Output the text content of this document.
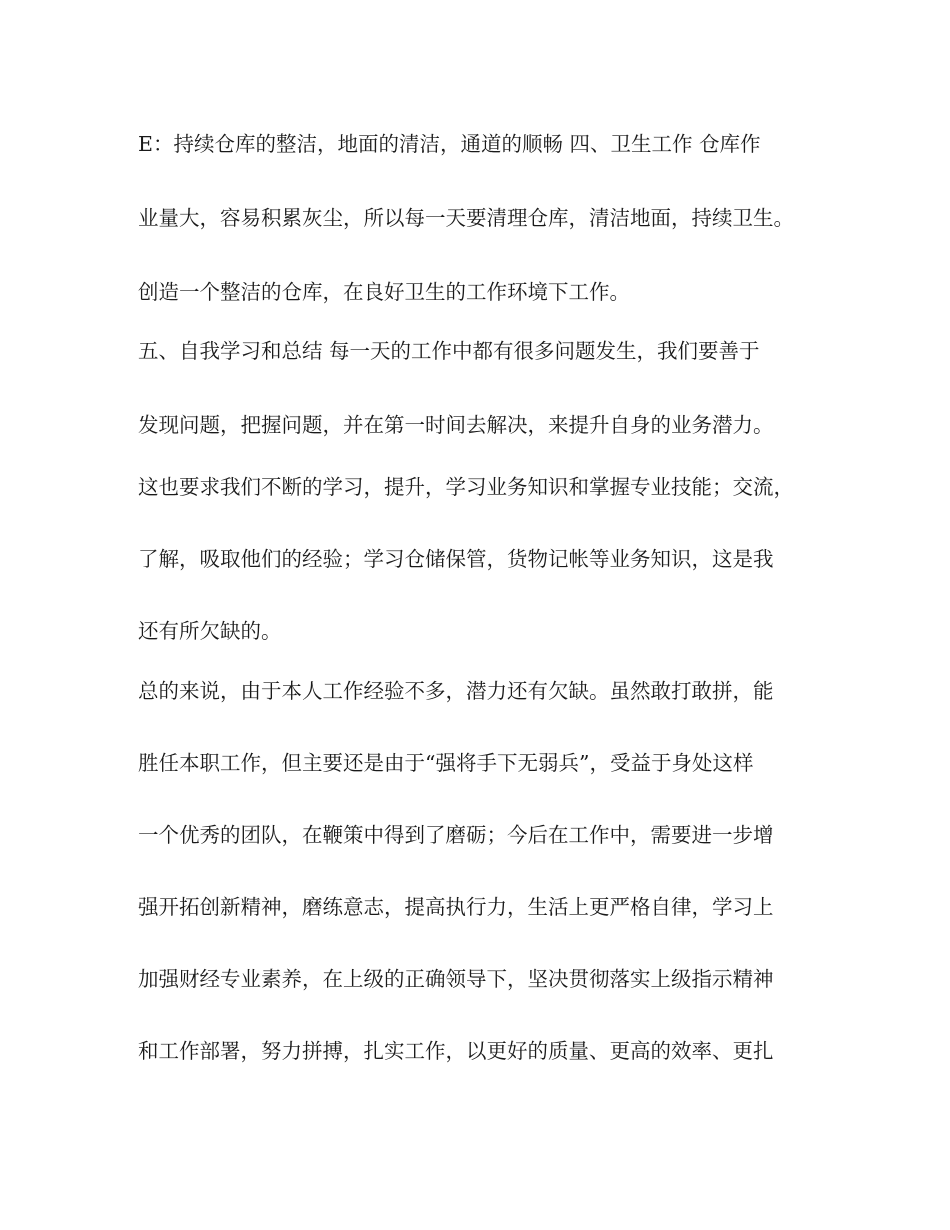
E：持续仓库的整洁，地面的清洁，通道的顺畅 四、卫生工作 仓库作

业量大，容易积累灰尘，所以每一天要清理仓库，清洁地面，持续卫生。

创造一个整洁的仓库，在良好卫生的工作环境下工作。

五、自我学习和总结 每一天的工作中都有很多问题发生，我们要善于

发现问题，把握问题，并在第一时间去解决，来提升自身的业务潜力。

这也要求我们不断的学习，提升，学习业务知识和掌握专业技能；交流，

了解，吸取他们的经验；学习仓储保管，货物记帐等业务知识，这是我

还有所欠缺的。

总的来说，由于本人工作经验不多，潜力还有欠缺。虽然敢打敢拼，能

胜任本职工作，但主要还是由于“强将手下无弱兵”，受益于身处这样

一个优秀的团队，在鞭策中得到了磨砺；今后在工作中，需要进一步增

强开拓创新精神，磨练意志，提高执行力，生活上更严格自律，学习上

加强财经专业素养，在上级的正确领导下，坚决贯彻落实上级指示精神

和工作部署，努力拼搏，扎实工作，以更好的质量、更高的效率、更扎
